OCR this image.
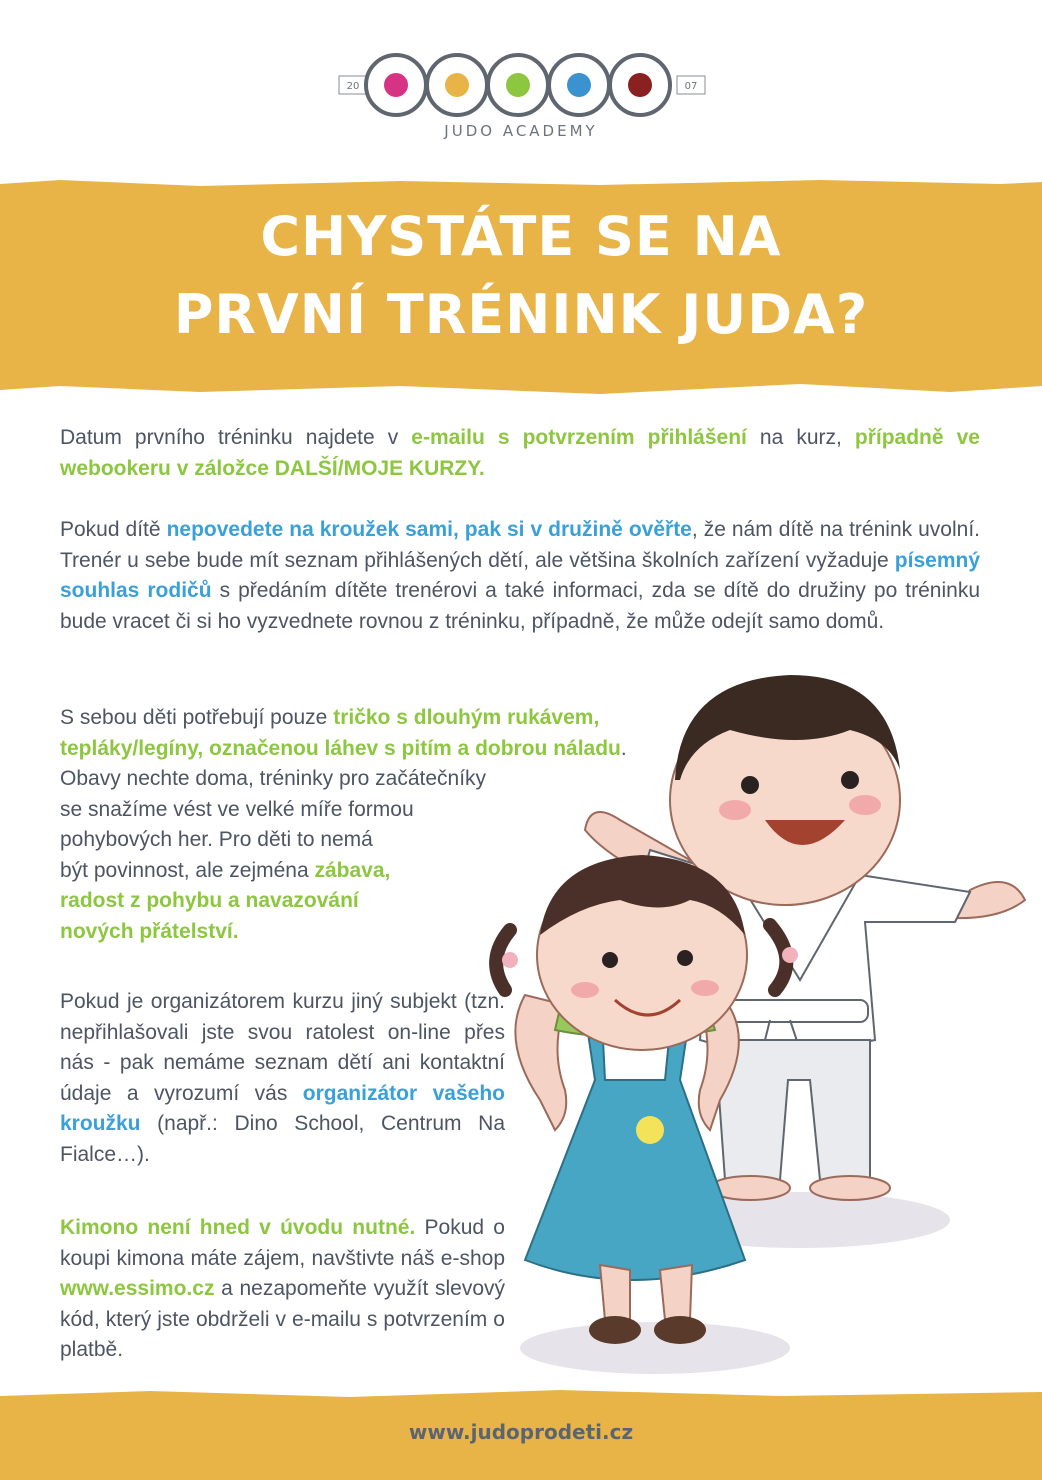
20	07
JUDO ACADEMY
CHYSTÁTE SE NA
PRVNÍ TRÉNINK JUDA?

Datum prvního tréninku najdete v e-mailu s potvrzením přihlášení na kurz, případně ve webookeru v záložce DALŠÍ/MOJE KURZY.

Pokud dítě nepovedete na kroužek sami, pak si v družině ověřte, že nám dítě na trénink uvolní. Trenér u sebe bude mít seznam přihlášených dětí, ale většina školních zařízení vyžaduje písemný souhlas rodičů s předáním dítěte trenérovi a také informaci, zda se dítě do družiny po tréninku bude vracet či si ho vyzvednete rovnou z tréninku, případně, že může odejít samo domů.

S sebou děti potřebují pouze tričko s dlouhým rukávem, tepláky/legíny, označenou láhev s pitím a dobrou náladu.
Obavy nechte doma, tréninky pro začátečníky
se snažíme vést ve velké míře formou
pohybových her. Pro děti to nemá
být povinnost, ale zejména zábava,
radost z pohybu a navazování
nových přátelství.

Pokud je organizátorem kurzu jiný subjekt (tzn. nepřihlašovali jste svou ratolest on-line přes nás - pak nemáme seznam dětí ani kontaktní údaje a vyrozumí vás organizátor vašeho kroužku (např.: Dino School, Centrum Na Fialce…).

Kimono není hned v úvodu nutné. Pokud o koupi kimona máte zájem, navštivte náš e-shop www.essimo.cz a nezapomeňte využít slevový kód, který jste obdrželi v e-mailu s potvrzením o platbě.

www.judoprodeti.cz
